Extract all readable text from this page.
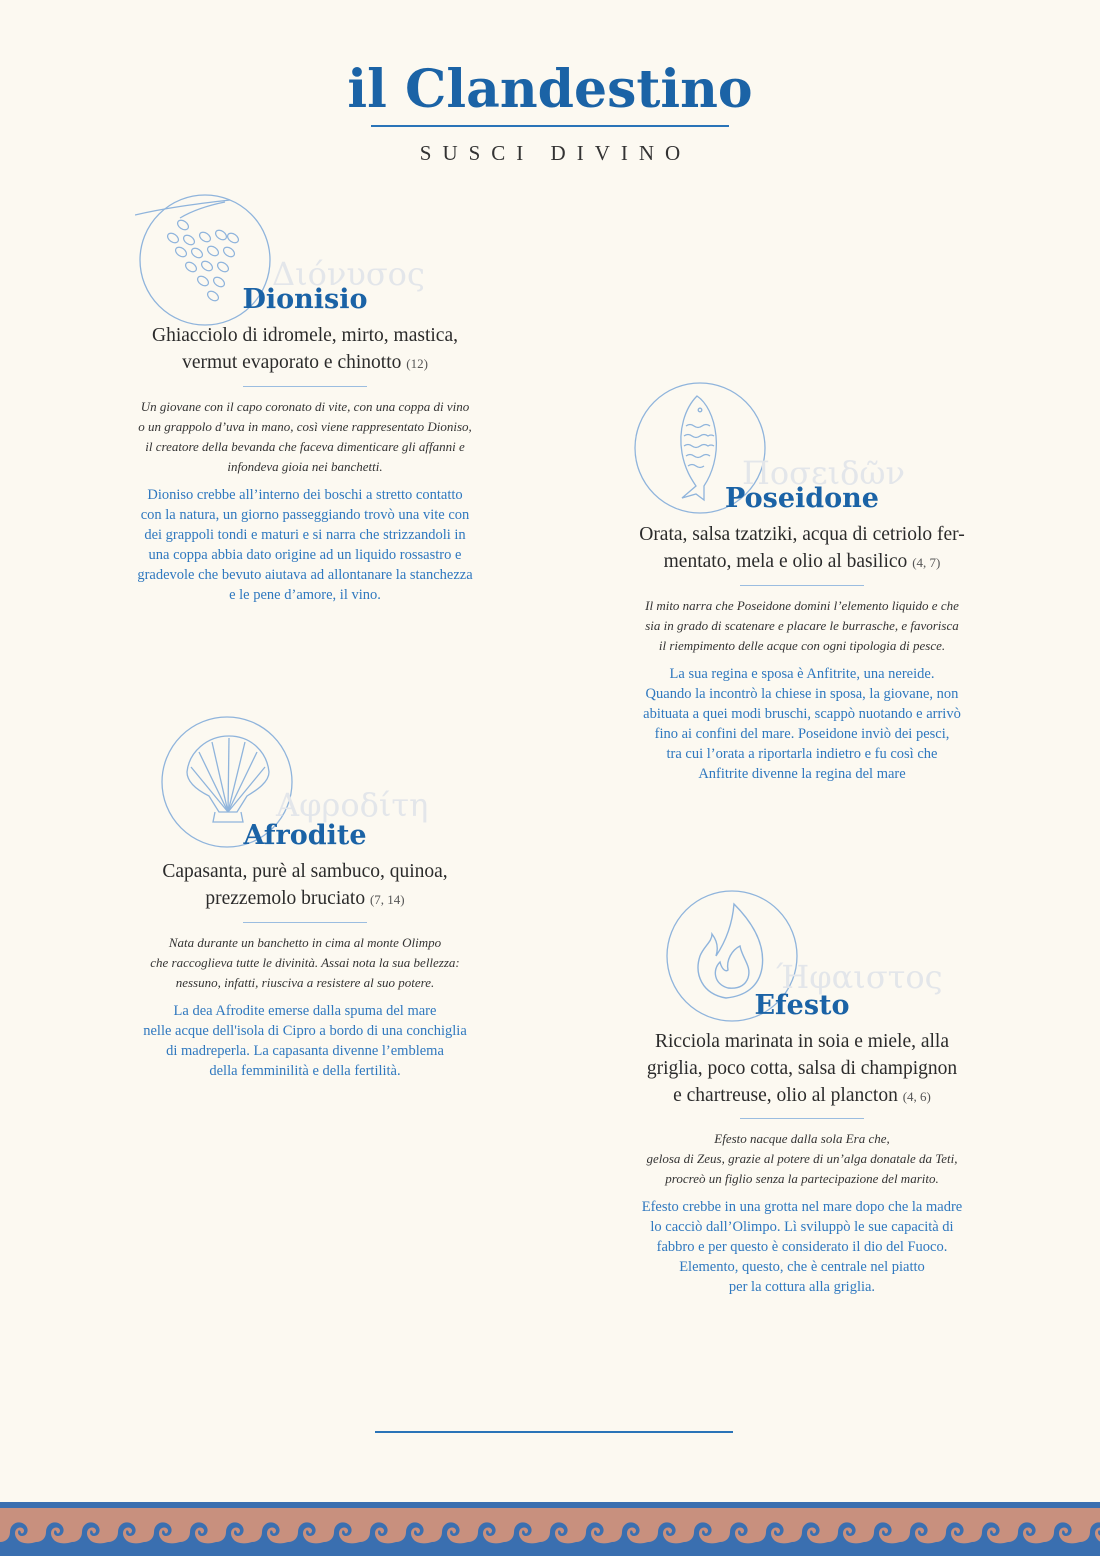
il Clandestino
SUSCI DIVINO
Διόνυσος
Dionisio
Ghiacciolo di idromele, mirto, mastica,
vermut evaporato e chinotto (12)
Un giovane con il capo coronato di vite, con una coppa di vino
o un grappolo d’uva in mano, così viene rappresentato Dioniso,
il creatore della bevanda che faceva dimenticare gli affanni e
infondeva gioia nei banchetti.
Dioniso crebbe all’interno dei boschi a stretto contatto
con la natura, un giorno passeggiando trovò una vite con
dei grappoli tondi e maturi e si narra che strizzandoli in
una coppa abbia dato origine ad un liquido rossastro e
gradevole che bevuto aiutava ad allontanare la stanchezza
e le pene d’amore, il vino.
Ποσειδῶν
Poseidone
Orata, salsa tzatziki, acqua di cetriolo fer-
mentato, mela e olio al basilico (4, 7)
Il mito narra che Poseidone domini l’elemento liquido e che
sia in grado di scatenare e placare le burrasche, e favorisca
il riempimento delle acque con ogni tipologia di pesce.
La sua regina e sposa è Anfitrite, una nereide.
Quando la incontrò la chiese in sposa, la giovane, non
abituata a quei modi bruschi, scappò nuotando e arrivò
fino ai confini del mare. Poseidone inviò dei pesci,
tra cui l’orata a riportarla indietro e fu così che
Anfitrite divenne la regina del mare
Αφροδίτη
Afrodite
Capasanta, purè al sambuco, quinoa,
prezzemolo bruciato (7, 14)
Nata durante un banchetto in cima al monte Olimpo
che raccoglieva tutte le divinità. Assai nota la sua bellezza:
nessuno, infatti, riusciva a resistere al suo potere.
La dea Afrodite emerse dalla spuma del mare
nelle acque dell'isola di Cipro a bordo di una conchiglia
di madreperla. La capasanta divenne l’emblema
della femminilità e della fertilità.
Ήφαιστος
Efesto
Ricciola marinata in soia e miele, alla
griglia, poco cotta, salsa di champignon
e chartreuse, olio al plancton (4, 6)
Efesto nacque dalla sola Era che,
gelosa di Zeus, grazie al potere di un’alga donatale da Teti,
procreò un figlio senza la partecipazione del marito.
Efesto crebbe in una grotta nel mare dopo che la madre
lo cacciò dall’Olimpo. Lì sviluppò le sue capacità di
fabbro e per questo è considerato il dio del Fuoco.
Elemento, questo, che è centrale nel piatto
per la cottura alla griglia.
